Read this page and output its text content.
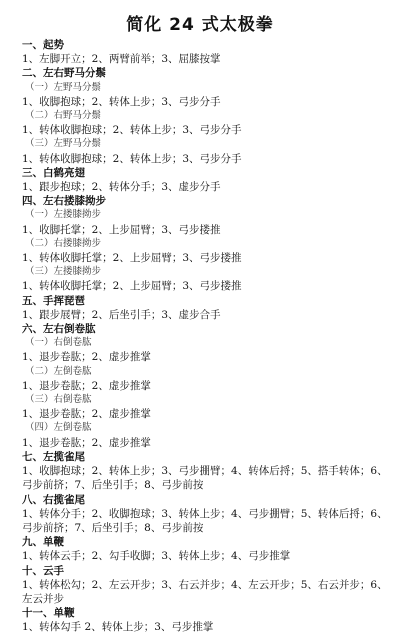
简化 24 式太极拳
一、起势
1、左脚开立；2、两臂前举；3、屈膝按掌
二、左右野马分鬃
（一）左野马分鬃
1、收脚抱球；2、转体上步；3、弓步分手
（二）右野马分鬃
1、转体收脚抱球；2、转体上步；3、弓步分手
（三）左野马分鬃
1、转体收脚抱球；2、转体上步；3、弓步分手
三、白鹤亮翅
1、跟步抱球；2、转体分手；3、虚步分手
四、左右搂膝拗步
（一）左搂膝拗步
1、收脚托掌；2、上步屈臂；3、弓步搂推
（二）右搂膝拗步
1、转体收脚托掌；2、上步屈臂；3、弓步搂推
（三）左搂膝拗步
1、转体收脚托掌；2、上步屈臂；3、弓步搂推
五、手挥琵琶
1、跟步展臂；2、后坐引手；3、虚步合手
六、左右倒卷肱
（一）右倒卷肱
1、退步卷肱；2、虚步推掌
（二）左倒卷肱
1、退步卷肱；2、虚步推掌
（三）右倒卷肱
1、退步卷肱；2、虚步推掌
（四）左倒卷肱
1、退步卷肱；2、虚步推掌
七、左揽雀尾
1、收脚抱球；2、转体上步；3、弓步掤臂；4、转体后捋；5、搭手转体；6、
弓步前挤；7、后坐引手；8、弓步前按
八、右揽雀尾
1、转体分手；2、收脚抱球；3、转体上步；4、弓步掤臂；5、转体后捋；6、
弓步前挤；7、后坐引手；8、弓步前按
九、单鞭
1、转体云手；2、勾手收脚；3、转体上步；4、弓步推掌
十、云手
1、转体松勾；2、左云开步；3、右云并步；4、左云开步；5、右云并步；6、
左云并步
十一、单鞭
1、转体勾手 2、转体上步；3、弓步推掌
